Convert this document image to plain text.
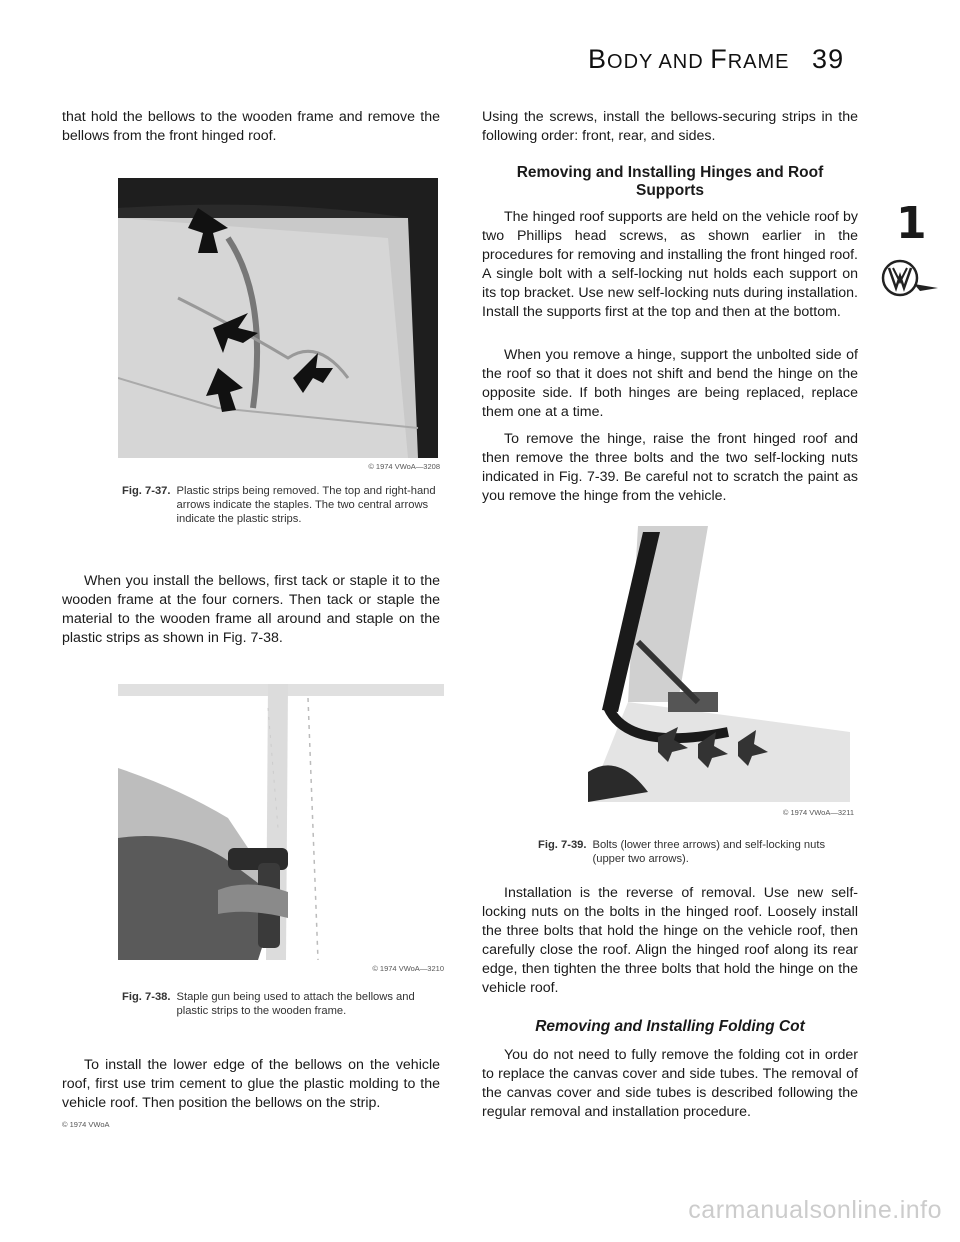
BODY AND FRAME 39
1
that hold the bellows to the wooden frame and remove the bellows from the front hinged roof.
© 1974 VWoA—3208
Fig. 7-37. Plastic strips being removed. The top and right-hand arrows indicate the staples. The two central arrows indicate the plastic strips.
When you install the bellows, first tack or staple it to the wooden frame at the four corners. Then tack or staple the material to the wooden frame all around and staple on the plastic strips as shown in Fig. 7-38.
© 1974 VWoA—3210
Fig. 7-38. Staple gun being used to attach the bellows and plastic strips to the wooden frame.
To install the lower edge of the bellows on the vehicle roof, first use trim cement to glue the plastic molding to the vehicle roof. Then position the bellows on the strip.
© 1974 VWoA
Using the screws, install the bellows-securing strips in the following order: front, rear, and sides.
Removing and Installing Hinges and Roof Supports
The hinged roof supports are held on the vehicle roof by two Phillips head screws, as shown earlier in the procedures for removing and installing the front hinged roof. A single bolt with a self-locking nut holds each support on its top bracket. Use new self-locking nuts during installation. Install the supports first at the top and then at the bottom.
When you remove a hinge, support the unbolted side of the roof so that it does not shift and bend the hinge on the opposite side. If both hinges are being replaced, replace them one at a time.
To remove the hinge, raise the front hinged roof and then remove the three bolts and the two self-locking nuts indicated in Fig. 7-39. Be careful not to scratch the paint as you remove the hinge from the vehicle.
© 1974 VWoA—3211
Fig. 7-39. Bolts (lower three arrows) and self-locking nuts (upper two arrows).
Installation is the reverse of removal. Use new self-locking nuts on the bolts in the hinged roof. Loosely install the three bolts that hold the hinge on the vehicle roof, then carefully close the roof. Align the hinged roof along its rear edge, then tighten the three bolts that hold the hinge on the vehicle roof.
Removing and Installing Folding Cot
You do not need to fully remove the folding cot in order to replace the canvas cover and side tubes. The removal of the canvas cover and side tubes is described following the regular removal and installation procedure.
carmanualsonline.info
